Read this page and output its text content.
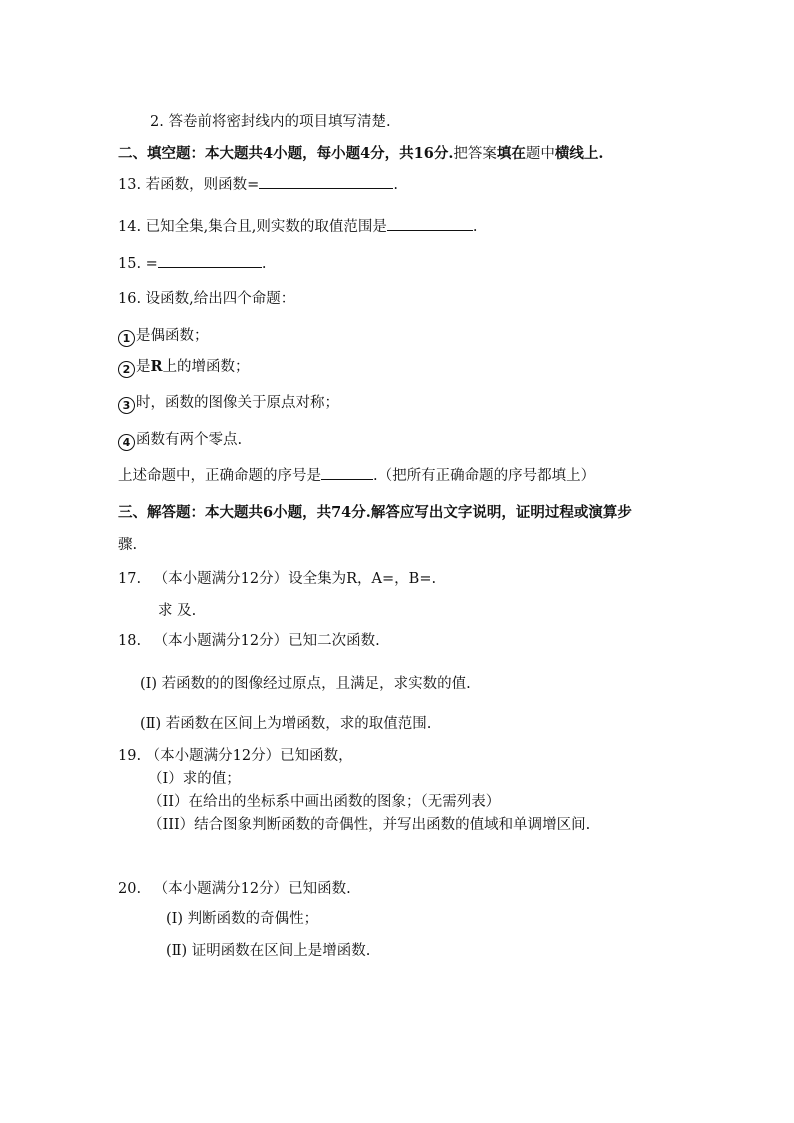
2. 答卷前将密封线内的项目填写清楚.
二、填空题：本大题共4小题，每小题4分，共16分.把答案填在题中横线上.
13. 若函数，则函数=	.
14. 已知全集,集合且,则实数的取值范围是	.
15. =	.
16. 设函数,给出四个命题：
1 是偶函数；
2 是R上的增函数；
3 时，函数的图像关于原点对称；
4 函数有两个零点.
上述命题中，正确命题的序号是	.（把所有正确命题的序号都填上）
三、解答题：本大题共6小题，共74分.解答应写出文字说明，证明过程或演算步
骤.
17. （本小题满分12分）设全集为R，A=，B=.
求 及.
18. （本小题满分12分）已知二次函数.
(Ⅰ) 若函数的的图像经过原点，且满足，求实数的值.
(Ⅱ) 若函数在区间上为增函数，求的取值范围.
19. （本小题满分12分）已知函数，
（I）求的值；
（II）在给出的坐标系中画出函数的图象；（无需列表）
（III）结合图象判断函数的奇偶性，并写出函数的值域和单调增区间.
20. （本小题满分12分）已知函数.
(Ⅰ) 判断函数的奇偶性；
(Ⅱ) 证明函数在区间上是增函数.
